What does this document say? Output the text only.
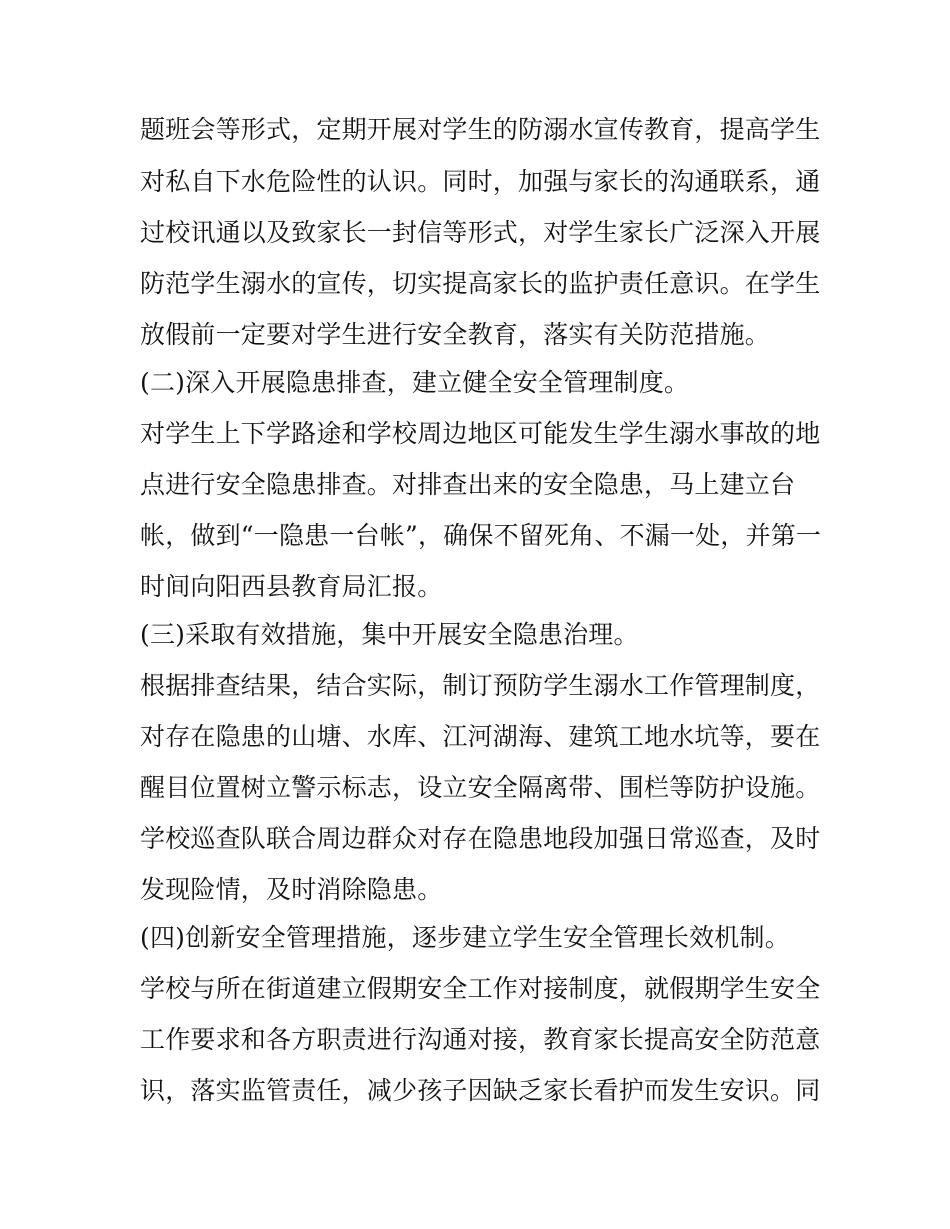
题班会等形式，定期开展对学生的防溺水宣传教育，提高学生
对私自下水危险性的认识。同时，加强与家长的沟通联系，通
过校讯通以及致家长一封信等形式，对学生家长广泛深入开展
防范学生溺水的宣传，切实提高家长的监护责任意识。在学生
放假前一定要对学生进行安全教育，落实有关防范措施。
(二)深入开展隐患排查，建立健全安全管理制度。
对学生上下学路途和学校周边地区可能发生学生溺水事故的地
点进行安全隐患排查。对排查出来的安全隐患，马上建立台
帐，做到“一隐患一台帐”，确保不留死角、不漏一处，并第一
时间向阳西县教育局汇报。
(三)采取有效措施，集中开展安全隐患治理。
根据排查结果，结合实际，制订预防学生溺水工作管理制度，
对存在隐患的山塘、水库、江河湖海、建筑工地水坑等，要在
醒目位置树立警示标志，设立安全隔离带、围栏等防护设施。
学校巡查队联合周边群众对存在隐患地段加强日常巡查，及时
发现险情，及时消除隐患。
(四)创新安全管理措施，逐步建立学生安全管理长效机制。
学校与所在街道建立假期安全工作对接制度，就假期学生安全
工作要求和各方职责进行沟通对接，教育家长提高安全防范意
识，落实监管责任，减少孩子因缺乏家长看护而发生安识。同
